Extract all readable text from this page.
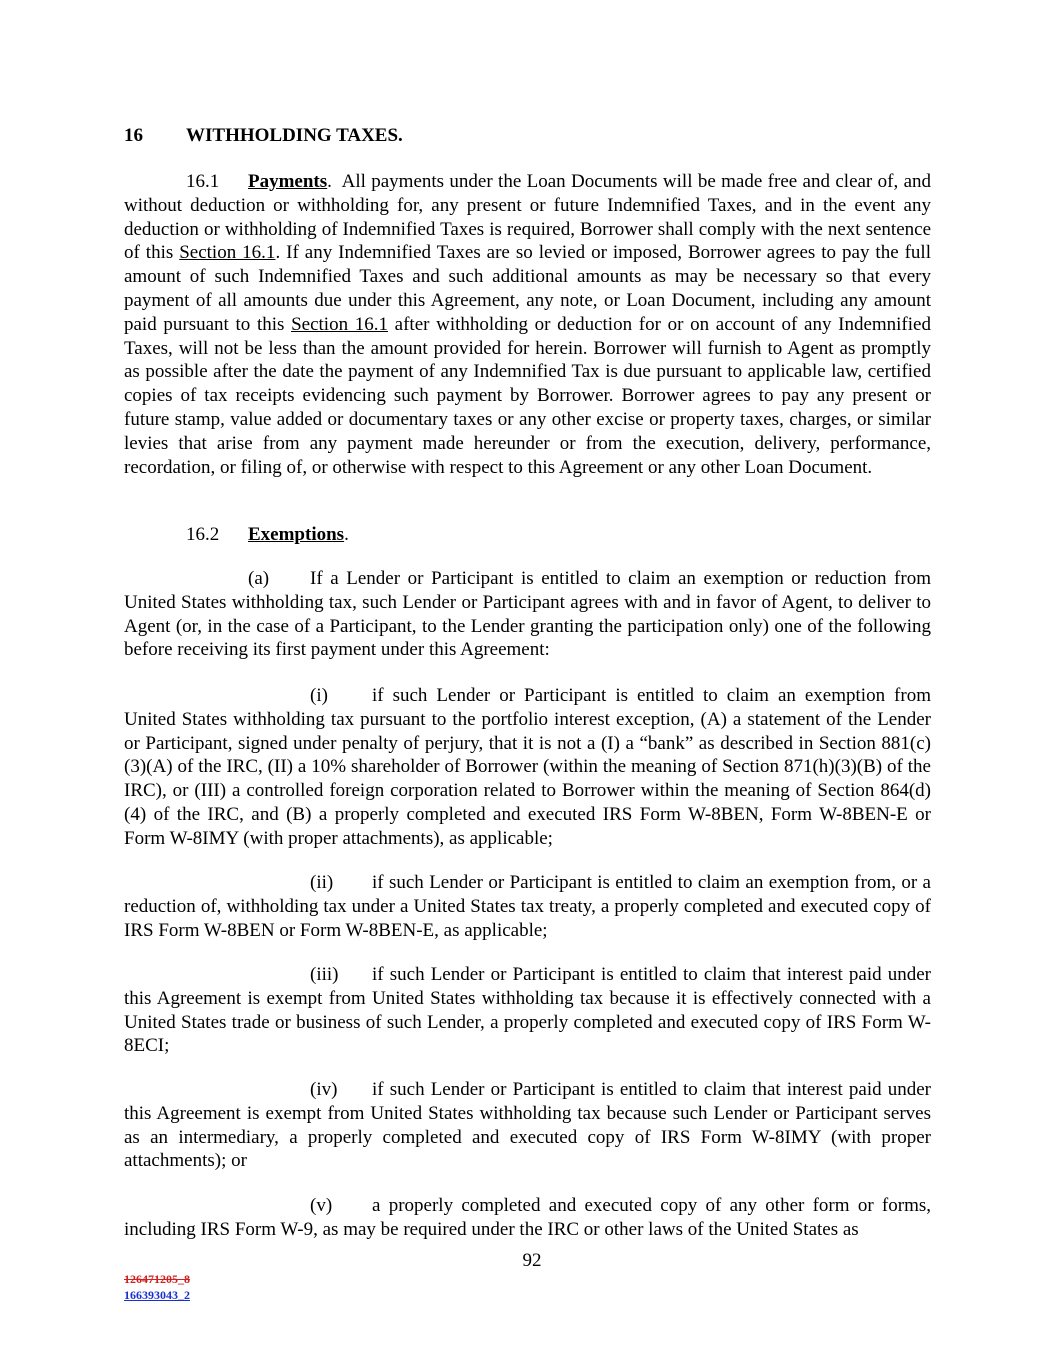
16 WITHHOLDING TAXES.

16.1 Payments. All payments under the Loan Documents will be made free and clear of, and without deduction or withholding for, any present or future Indemnified Taxes, and in the event any deduction or withholding of Indemnified Taxes is required, Borrower shall comply with the next sentence of this Section 16.1. If any Indemnified Taxes are so levied or imposed, Borrower agrees to pay the full amount of such Indemnified Taxes and such additional amounts as may be necessary so that every payment of all amounts due under this Agreement, any note, or Loan Document, including any amount paid pursuant to this Section 16.1 after withholding or deduction for or on account of any Indemnified Taxes, will not be less than the amount provided for herein. Borrower will furnish to Agent as promptly as possible after the date the payment of any Indemnified Tax is due pursuant to applicable law, certified copies of tax receipts evidencing such payment by Borrower. Borrower agrees to pay any present or future stamp, value added or documentary taxes or any other excise or property taxes, charges, or similar levies that arise from any payment made hereunder or from the execution, delivery, performance, recordation, or filing of, or otherwise with respect to this Agreement or any other Loan Document.

16.2 Exemptions.

(a) If a Lender or Participant is entitled to claim an exemption or reduction from United States withholding tax, such Lender or Participant agrees with and in favor of Agent, to deliver to Agent (or, in the case of a Participant, to the Lender granting the participation only) one of the following before receiving its first payment under this Agreement:

(i) if such Lender or Participant is entitled to claim an exemption from United States withholding tax pursuant to the portfolio interest exception, (A) a statement of the Lender or Participant, signed under penalty of perjury, that it is not a (I) a “bank” as described in Section 881(c)(3)(A) of the IRC, (II) a 10% shareholder of Borrower (within the meaning of Section 871(h)(3)(B) of the IRC), or (III) a controlled foreign corporation related to Borrower within the meaning of Section 864(d)(4) of the IRC, and (B) a properly completed and executed IRS Form W-8BEN, Form W-8BEN-E or Form W-8IMY (with proper attachments), as applicable;

(ii) if such Lender or Participant is entitled to claim an exemption from, or a reduction of, withholding tax under a United States tax treaty, a properly completed and executed copy of IRS Form W-8BEN or Form W-8BEN-E, as applicable;

(iii) if such Lender or Participant is entitled to claim that interest paid under this Agreement is exempt from United States withholding tax because it is effectively connected with a United States trade or business of such Lender, a properly completed and executed copy of IRS Form W-8ECI;

(iv) if such Lender or Participant is entitled to claim that interest paid under this Agreement is exempt from United States withholding tax because such Lender or Participant serves as an intermediary, a properly completed and executed copy of IRS Form W-8IMY (with proper attachments); or

(v) a properly completed and executed copy of any other form or forms, including IRS Form W-9, as may be required under the IRC or other laws of the United States as

92
126471205_8
166393043_2
